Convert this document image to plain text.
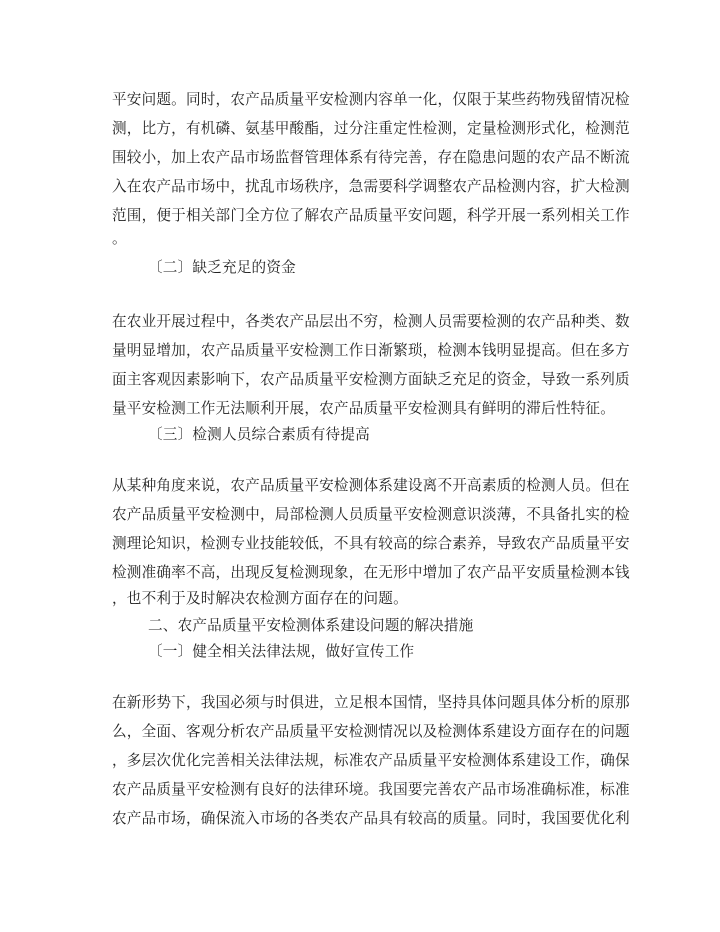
平安问题。同时，农产品质量平安检测内容单一化，仅限于某些药物残留情况检
测，比方，有机磷、氨基甲酸酯，过分注重定性检测，定量检测形式化，检测范
围较小，加上农产品市场监督管理体系有待完善，存在隐患问题的农产品不断流
入在农产品市场中，扰乱市场秩序，急需要科学调整农产品检测内容，扩大检测
范围，便于相关部门全方位了解农产品质量平安问题，科学开展一系列相关工作
。
〔二〕缺乏充足的资金
在农业开展过程中，各类农产品层出不穷，检测人员需要检测的农产品种类、数
量明显增加，农产品质量平安检测工作日渐繁琐，检测本钱明显提高。但在多方
面主客观因素影响下，农产品质量平安检测方面缺乏充足的资金，导致一系列质
量平安检测工作无法顺利开展，农产品质量平安检测具有鲜明的滞后性特征。
〔三〕检测人员综合素质有待提高
从某种角度来说，农产品质量平安检测体系建设离不开高素质的检测人员。但在
农产品质量平安检测中，局部检测人员质量平安检测意识淡薄，不具备扎实的检
测理论知识，检测专业技能较低，不具有较高的综合素养，导致农产品质量平安
检测准确率不高，出现反复检测现象，在无形中增加了农产品平安质量检测本钱
，也不利于及时解决农检测方面存在的问题。
二、农产品质量平安检测体系建设问题的解决措施
〔一〕健全相关法律法规，做好宣传工作
在新形势下，我国必须与时俱进，立足根本国情，坚持具体问题具体分析的原那
么，全面、客观分析农产品质量平安检测情况以及检测体系建设方面存在的问题
，多层次优化完善相关法律法规，标准农产品质量平安检测体系建设工作，确保
农产品质量平安检测有良好的法律环境。我国要完善农产品市场准确标准，标准
农产品市场，确保流入市场的各类农产品具有较高的质量。同时，我国要优化利
